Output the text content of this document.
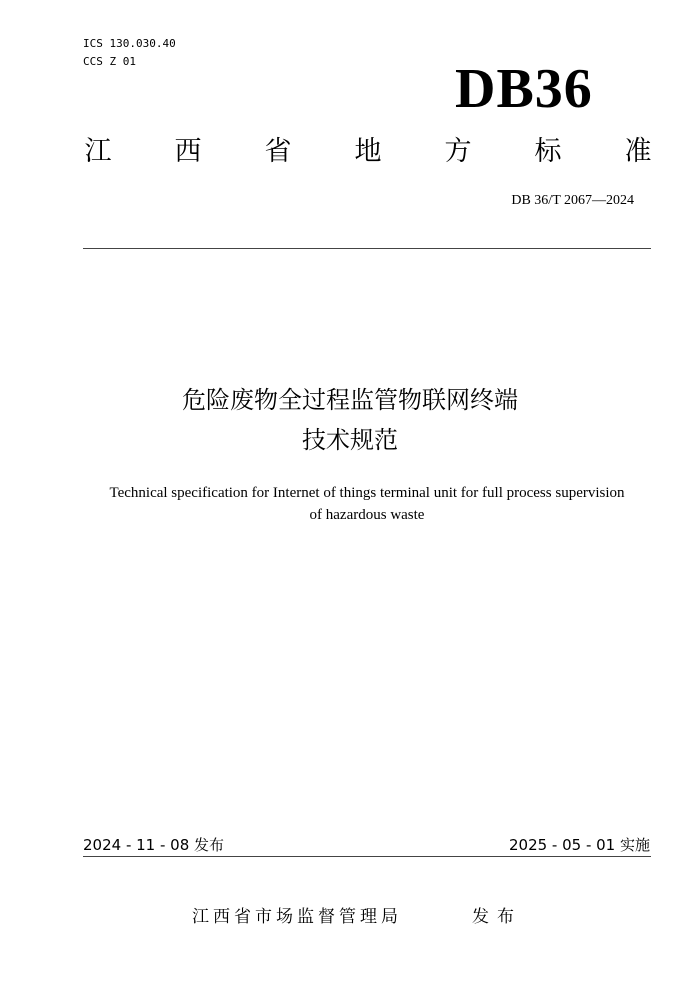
ICS 130.030.40
CCS Z 01	DB36
江 西 省 地 方 标 准
DB 36/T 2067—2024
危险废物全过程监管物联网终端
技术规范
Technical specification for Internet of things terminal unit for full process supervision
of hazardous waste
2024 - 11 - 08 发布	2025 - 05 - 01 实施
江西省市场监督管理局	发布
